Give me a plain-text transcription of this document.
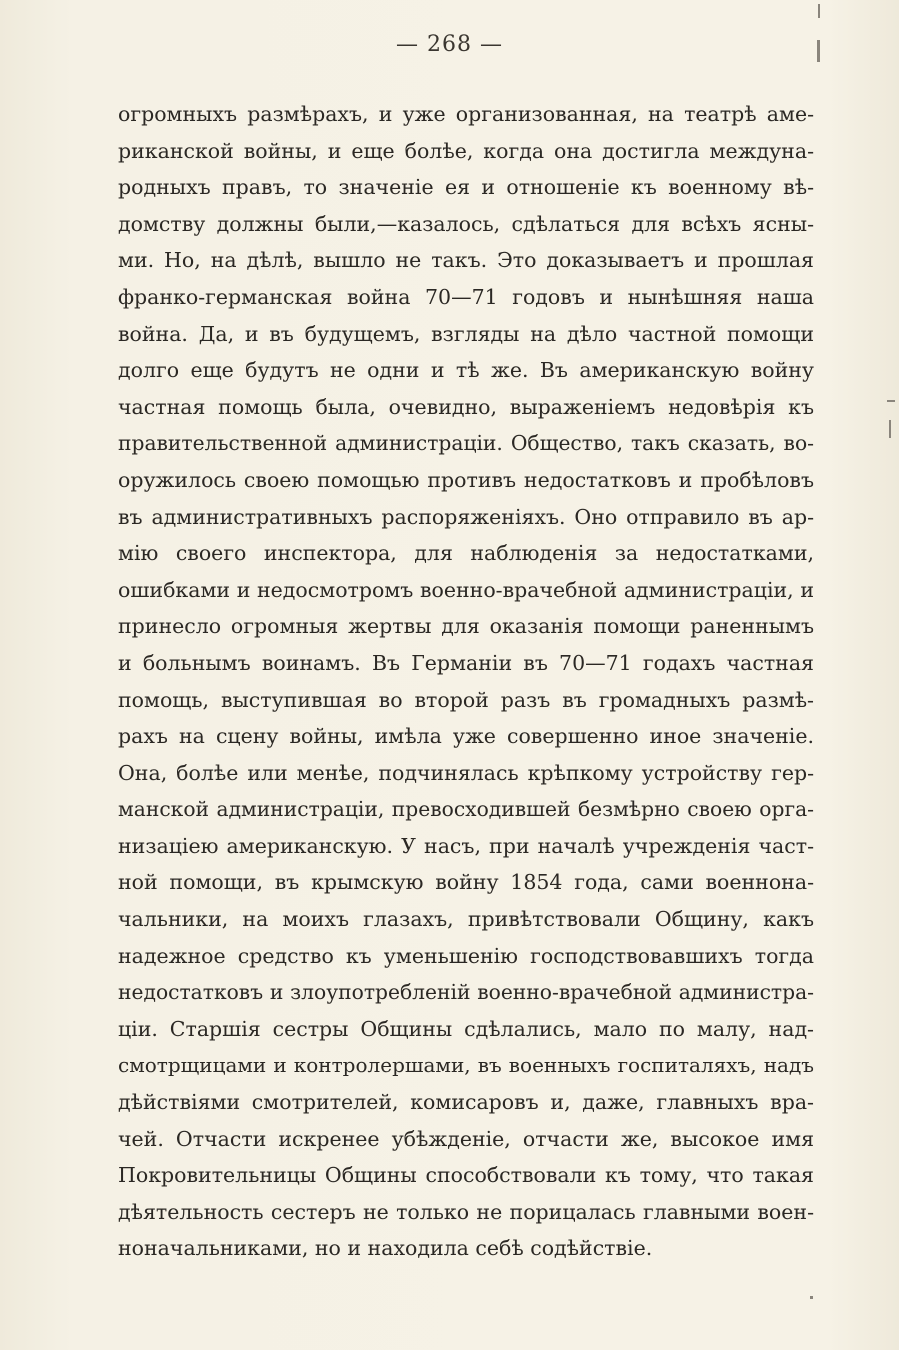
— 268 —
огромныхъ размѣрахъ, и уже организованная, на театрѣ аме-
риканской войны, и еще болѣе, когда она достигла междуна-
родныхъ правъ, то значенiе ея и отношенiе къ военному вѣ-
домству должны были,—казалось, сдѣлаться для всѣхъ ясны-
ми. Но, на дѣлѣ, вышло не такъ. Это доказываетъ и прошлая
франко-германская война 70—71 годовъ и нынѣшняя наша
война. Да, и въ будущемъ, взгляды на дѣло частной помощи
долго еще будутъ не одни и тѣ же. Въ американскую войну
частная помощь была, очевидно, выраженiемъ недовѣрiя къ
правительственной администрацiи. Общество, такъ сказать, во-
оружилось своею помощью противъ недостатковъ и пробѣловъ
въ административныхъ распоряженiяхъ. Оно отправило въ ар-
мiю своего инспектора, для наблюденiя за недостатками,
ошибками и недосмотромъ военно-врачебной администрацiи, и
принесло огромныя жертвы для оказанiя помощи раненнымъ
и больнымъ воинамъ. Въ Германiи въ 70—71 годахъ частная
помощь, выступившая во второй разъ въ громадныхъ размѣ-
рахъ на сцену войны, имѣла уже совершенно иное значенiе.
Она, болѣе или менѣе, подчинялась крѣпкому устройству гер-
манской администрацiи, превосходившей безмѣрно своею орга-
низацiею американскую. У насъ, при началѣ учрежденiя част-
ной помощи, въ крымскую войну 1854 года, сами военнона-
чальники, на моихъ глазахъ, привѣтствовали Общину, какъ
надежное средство къ уменьшенiю господствовавшихъ тогда
недостатковъ и злоупотребленiй военно-врачебной администра-
цiи. Старшiя сестры Общины сдѣлались, мало по малу, над-
смотрщицами и контролершами, въ военныхъ госпиталяхъ, надъ
дѣйствiями смотрителей, комисаровъ и, даже, главныхъ вра-
чей. Отчасти искренее убѣжденiе, отчасти же, высокое имя
Покровительницы Общины способствовали къ тому, что такая
дѣятельность сестеръ не только не порицалась главными воен-
ноначальниками, но и находила себѣ содѣйствiе.
